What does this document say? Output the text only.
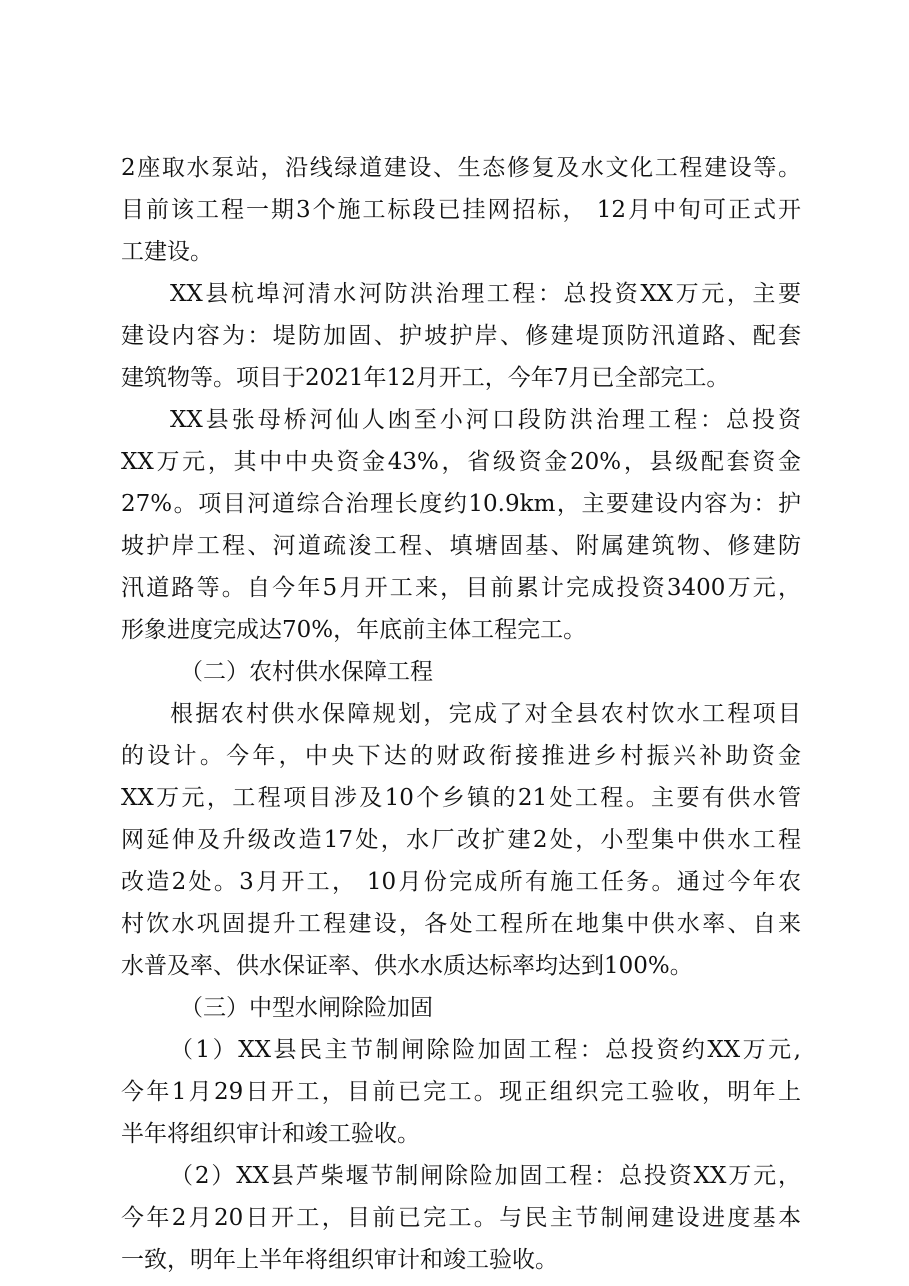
2座取水泵站，沿线绿道建设、生态修复及水文化工程建设等。
目前该工程一期3个施工标段已挂网招标， 12月中旬可正式开
工建设。
XX县杭埠河清水河防洪治理工程：总投资XX万元，主要
建设内容为：堤防加固、护坡护岸、修建堤顶防汛道路、配套
建筑物等。项目于2021年12月开工，今年7月已全部完工。
XX县张母桥河仙人凼至小河口段防洪治理工程：总投资
XX万元，其中中央资金43%，省级资金20%，县级配套资金
27%。项目河道综合治理长度约10.9km，主要建设内容为：护
坡护岸工程、河道疏浚工程、填塘固基、附属建筑物、修建防
汛道路等。自今年5月开工来，目前累计完成投资3400万元，
形象进度完成达70%，年底前主体工程完工。
（二）农村供水保障工程
根据农村供水保障规划，完成了对全县农村饮水工程项目
的设计。今年，中央下达的财政衔接推进乡村振兴补助资金
XX万元，工程项目涉及10个乡镇的21处工程。主要有供水管
网延伸及升级改造17处，水厂改扩建2处，小型集中供水工程
改造2处。3月开工， 10月份完成所有施工任务。通过今年农
村饮水巩固提升工程建设，各处工程所在地集中供水率、自来
水普及率、供水保证率、供水水质达标率均达到100%。
（三）中型水闸除险加固
（1）XX县民主节制闸除险加固工程：总投资约XX万元,
今年1月29日开工，目前已完工。现正组织完工验收，明年上
半年将组织审计和竣工验收。
（2）XX县芦柴堰节制闸除险加固工程：总投资XX万元，
今年2月20日开工，目前已完工。与民主节制闸建设进度基本
一致，明年上半年将组织审计和竣工验收。
